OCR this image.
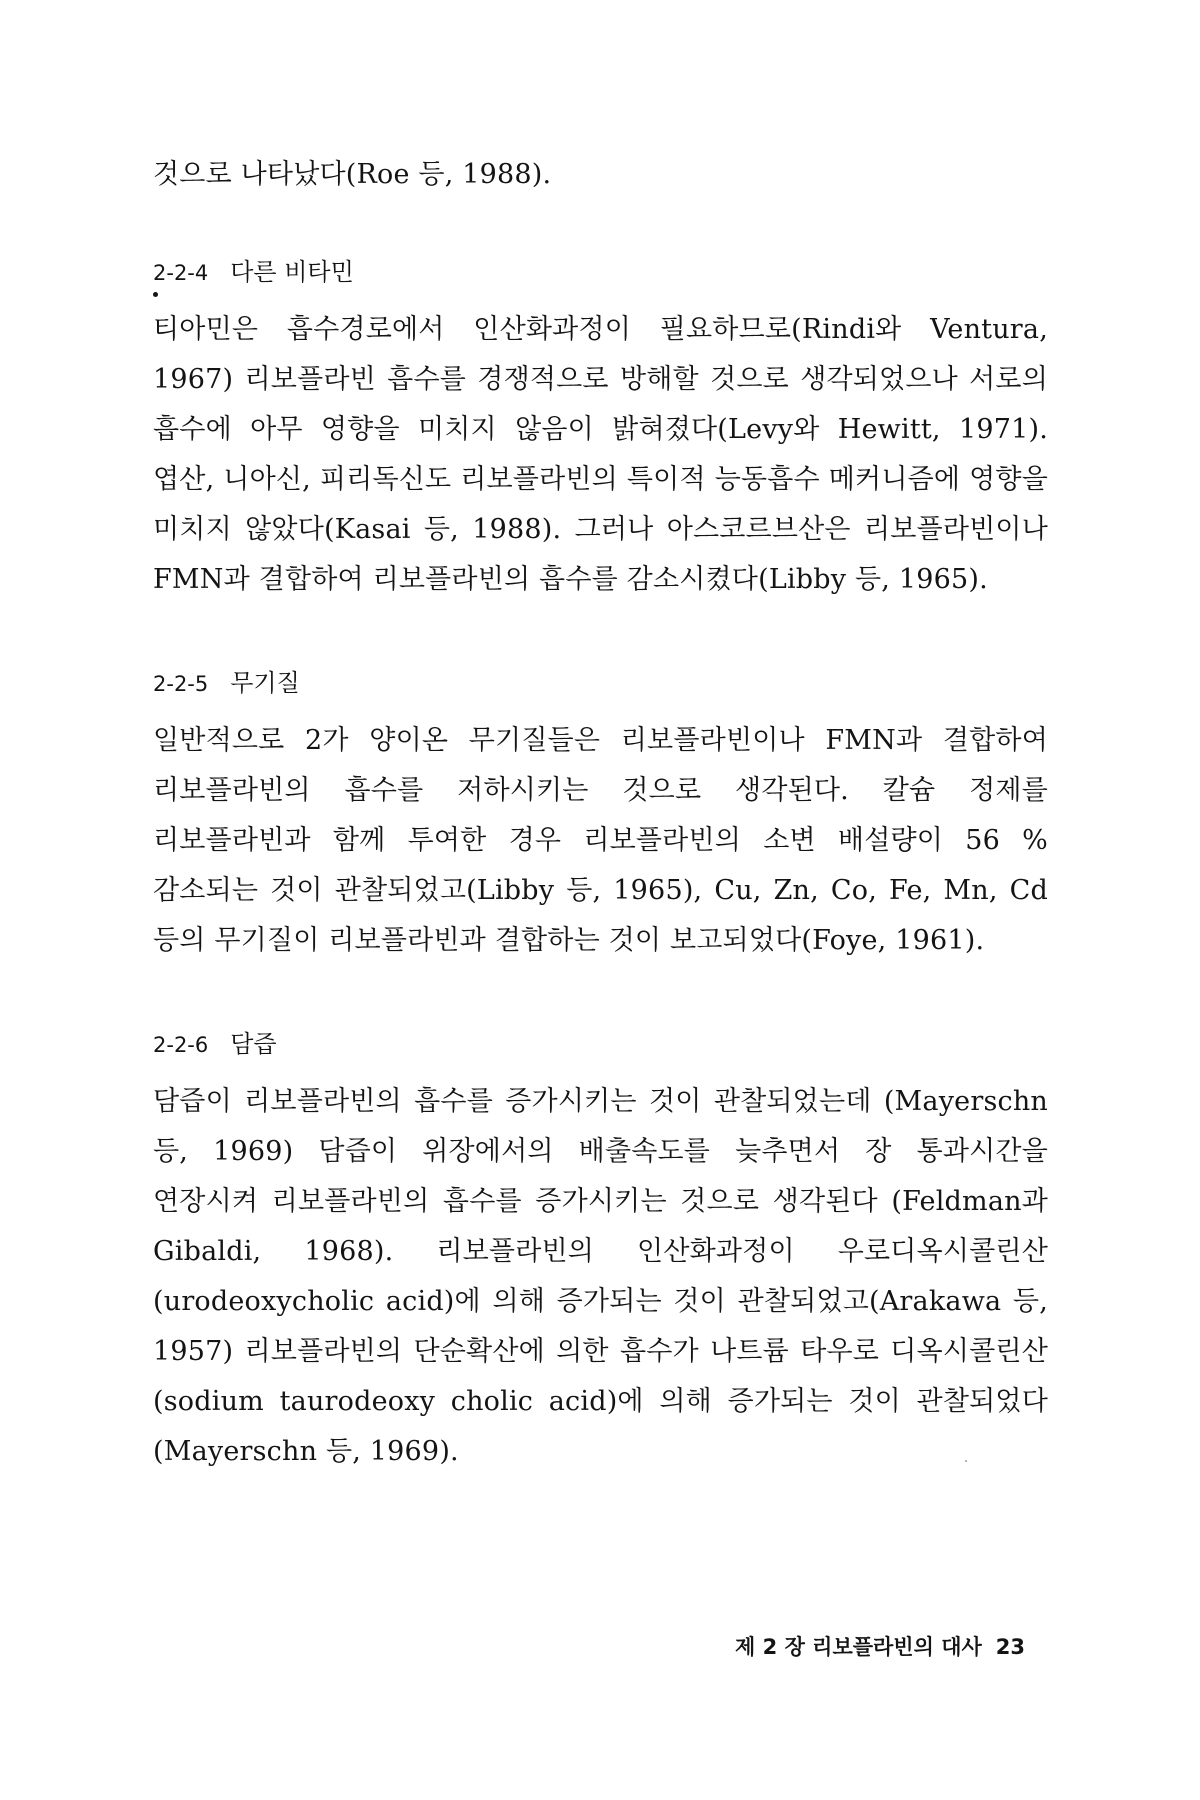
것으로 나타났다(Roe 등, 1988).

2-2-4 다른 비타민

티아민은 흡수경로에서 인산화과정이 필요하므로(Rindi와 Ventura, 1967) 리보플라빈 흡수를 경쟁적으로 방해할 것으로 생각되었으나 서로의 흡수에 아무 영향을 미치지 않음이 밝혀졌다(Levy와 Hewitt, 1971). 엽산, 니아신, 피리독신도 리보플라빈의 특이적 능동흡수 메커니즘에 영향을 미치지 않았다(Kasai 등, 1988). 그러나 아스코르브산은 리보플라빈이나 FMN과 결합하여 리보플라빈의 흡수를 감소시켰다(Libby 등, 1965).

2-2-5 무기질

일반적으로 2가 양이온 무기질들은 리보플라빈이나 FMN과 결합하여 리보플라빈의 흡수를 저하시키는 것으로 생각된다. 칼슘 정제를 리보플라빈과 함께 투여한 경우 리보플라빈의 소변 배설량이 56 % 감소되는 것이 관찰되었고(Libby 등, 1965), Cu, Zn, Co, Fe, Mn, Cd 등의 무기질이 리보플라빈과 결합하는 것이 보고되었다(Foye, 1961).

2-2-6 담즙

담즙이 리보플라빈의 흡수를 증가시키는 것이 관찰되었는데 (Mayerschn 등, 1969) 담즙이 위장에서의 배출속도를 늦추면서 장 통과시간을 연장시켜 리보플라빈의 흡수를 증가시키는 것으로 생각된다 (Feldman과 Gibaldi, 1968). 리보플라빈의 인산화과정이 우로디옥시콜린산(urodeoxycholic acid)에 의해 증가되는 것이 관찰되었고(Arakawa 등, 1957) 리보플라빈의 단순확산에 의한 흡수가 나트륨 타우로 디옥시콜린산(sodium taurodeoxy cholic acid)에 의해 증가되는 것이 관찰되었다(Mayerschn 등, 1969).

제 2 장 리보플라빈의 대사 23
